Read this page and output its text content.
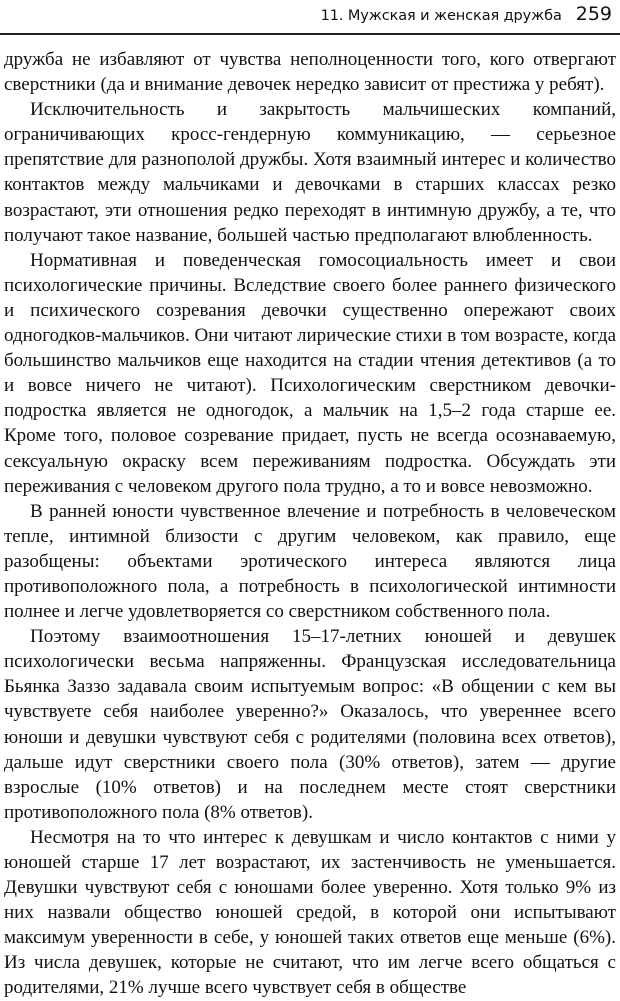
11. Мужская и женская дружба 259

дружба не избавляют от чувства неполноценности того, кого отвергают сверстники (да и внимание девочек нередко зависит от престижа у ребят).

Исключительность и закрытость мальчишеских компаний, ограничивающих кросс-гендерную коммуникацию, — серьезное препятствие для разнополой дружбы. Хотя взаимный интерес и количество контактов между мальчиками и девочками в старших классах резко возрастают, эти отношения редко переходят в интимную дружбу, а те, что получают такое название, большей частью предполагают влюбленность.

Нормативная и поведенческая гомосоциальность имеет и свои психологические причины. Вследствие своего более раннего физического и психического созревания девочки существенно опережают своих одногодков-мальчиков. Они читают лирические стихи в том возрасте, когда большинство мальчиков еще находится на стадии чтения детективов (а то и вовсе ничего не читают). Психологическим сверстником девочки-подростка является не одногодок, а мальчик на 1,5–2 года старше ее. Кроме того, половое созревание придает, пусть не всегда осознаваемую, сексуальную окраску всем переживаниям подростка. Обсуждать эти переживания с человеком другого пола трудно, а то и вовсе невозможно.

В ранней юности чувственное влечение и потребность в человеческом тепле, интимной близости с другим человеком, как правило, еще разобщены: объектами эротического интереса являются лица противоположного пола, а потребность в психологической интимности полнее и легче удовлетворяется со сверстником собственного пола.

Поэтому взаимоотношения 15–17-летних юношей и девушек психологически весьма напряженны. Французская исследовательница Бьянка Заззо задавала своим испытуемым вопрос: «В общении с кем вы чувствуете себя наиболее уверенно?» Оказалось, что увереннее всего юноши и девушки чувствуют себя с родителями (половина всех ответов), дальше идут сверстники своего пола (30% ответов), затем — другие взрослые (10% ответов) и на последнем месте стоят сверстники противоположного пола (8% ответов).

Несмотря на то что интерес к девушкам и число контактов с ними у юношей старше 17 лет возрастают, их застенчивость не уменьшается. Девушки чувствуют себя с юношами более уверенно. Хотя только 9% из них назвали общество юношей средой, в которой они испытывают максимум уверенности в себе, у юношей таких ответов еще меньше (6%). Из числа девушек, которые не считают, что им легче всего общаться с родителями, 21% лучше всего чувствует себя в обществе
